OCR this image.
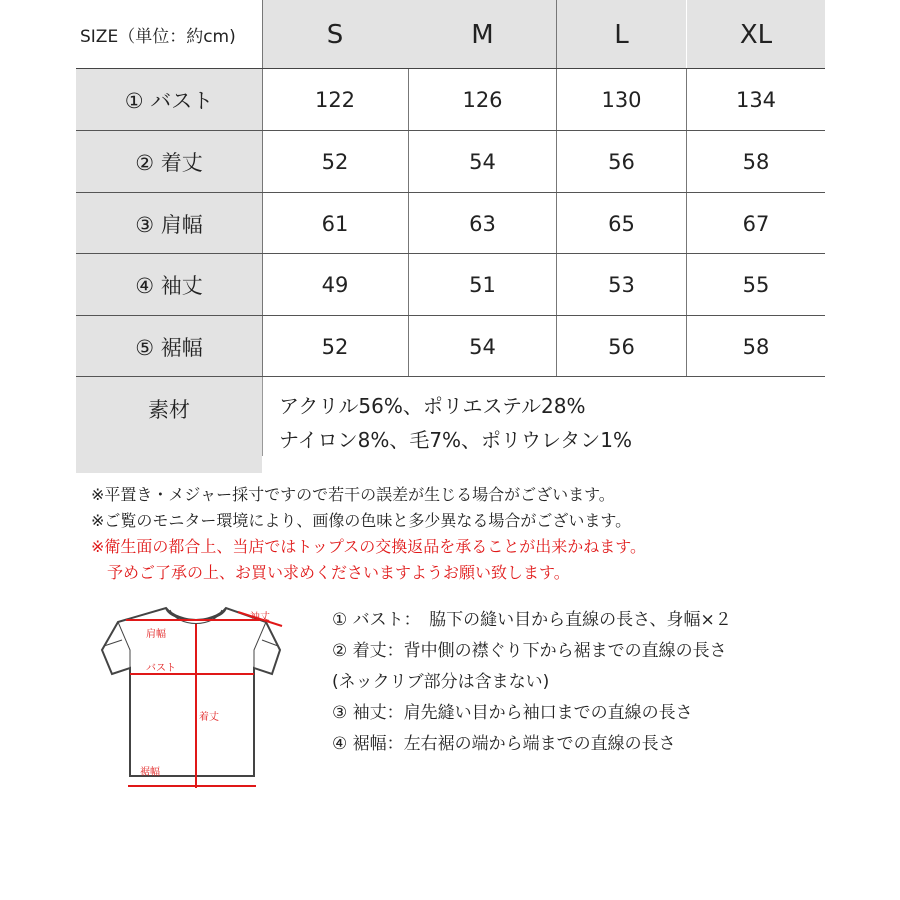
SIZE（単位：約cm)	S	M	L	XL
① バスト	122	126	130	134
② 着丈	52	54	56	58
③ 肩幅	61	63	65	67
④ 袖丈	49	51	53	55
⑤ 裾幅	52	54	56	58
素材	アクリル56%、ポリエステル28%
ナイロン8%、毛7%、ポリウレタン1%
※平置き・メジャー採寸ですので若干の誤差が生じる場合がございます。
※ご覧のモニター環境により、画像の色味と多少異なる場合がございます。
※衛生面の都合上、当店ではトップスの交換返品を承ることが出来かねます。
予めご了承の上、お買い求めくださいますようお願い致します。
肩幅
袖丈
バスト
着丈
裾幅
① バスト：　脇下の縫い目から直線の長さ、身幅×２
② 着丈：背中側の襟ぐり下から裾までの直線の長さ
(ネックリブ部分は含まない)
③ 袖丈：肩先縫い目から袖口までの直線の長さ
④ 裾幅：左右裾の端から端までの直線の長さ
